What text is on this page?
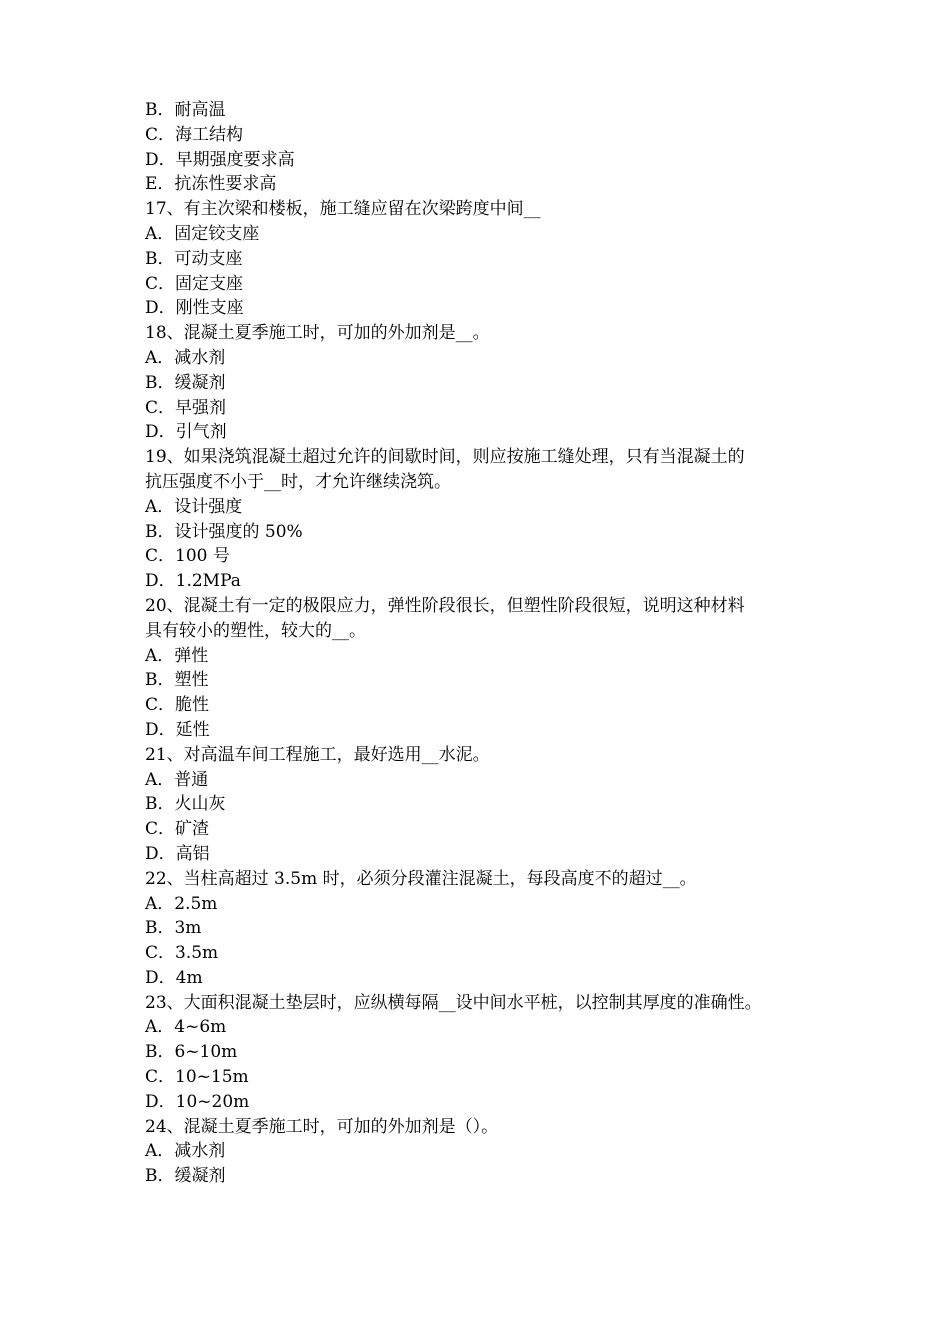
B．耐高温
C．海工结构
D．早期强度要求高
E．抗冻性要求高
17、有主次梁和楼板，施工缝应留在次梁跨度中间__
A．固定铰支座
B．可动支座
C．固定支座
D．刚性支座
18、混凝土夏季施工时，可加的外加剂是__。
A．减水剂
B．缓凝剂
C．早强剂
D．引气剂
19、如果浇筑混凝土超过允许的间歇时间，则应按施工缝处理，只有当混凝土的
抗压强度不小于__时，才允许继续浇筑。
A．设计强度
B．设计强度的 50%
C．100 号
D．1.2MPa
20、混凝土有一定的极限应力，弹性阶段很长，但塑性阶段很短，说明这种材料
具有较小的塑性，较大的__。
A．弹性
B．塑性
C．脆性
D．延性
21、对高温车间工程施工，最好选用__水泥。
A．普通
B．火山灰
C．矿渣
D．高铝
22、当柱高超过 3.5m 时，必须分段灌注混凝土，每段高度不的超过__。
A．2.5m
B．3m
C．3.5m
D．4m
23、大面积混凝土垫层时，应纵横每隔__设中间水平桩，以控制其厚度的准确性。
A．4~6m
B．6~10m
C．10~15m
D．10~20m
24、混凝土夏季施工时，可加的外加剂是（）。
A．减水剂
B．缓凝剂
